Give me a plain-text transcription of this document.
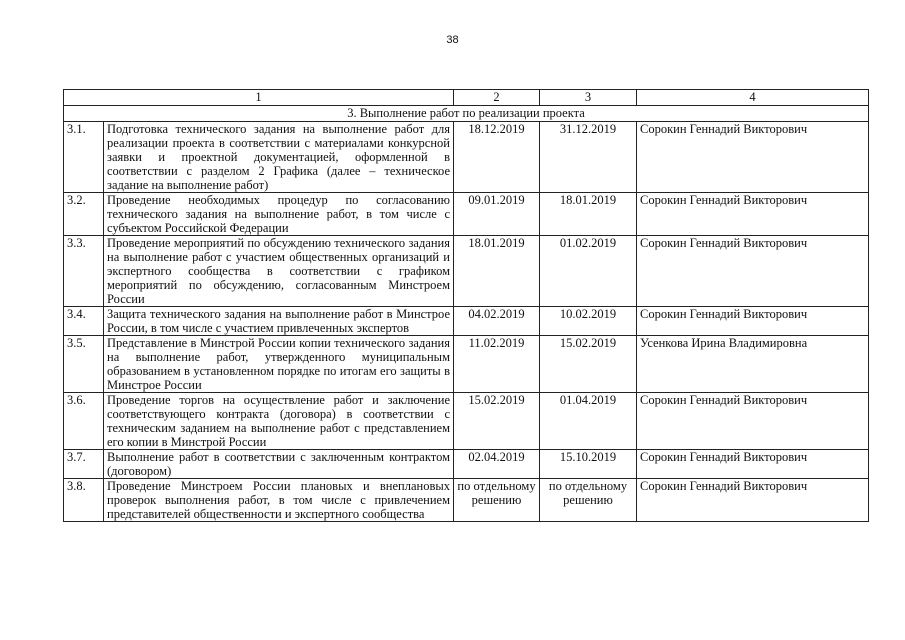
38
1		2	3	4
3. Выполнение работ по реализации проекта				
3.1.	Подготовка технического задания на выполнение работ для реализации проекта в соответствии с материалами конкурсной заявки и проектной документацией, оформленной в соответствии с разделом 2 Графика (далее – техническое задание на выполнение работ)	18.12.2019	31.12.2019	Сорокин Геннадий Викторович
3.2.	Проведение необходимых процедур по согласованию технического задания на выполнение работ, в том числе с субъектом Российской Федерации	09.01.2019	18.01.2019	Сорокин Геннадий Викторович
3.3.	Проведение мероприятий по обсуждению технического задания на выполнение работ с участием общественных организаций и экспертного сообщества в соответствии с графиком мероприятий по обсуждению, согласованным Минстроем России	18.01.2019	01.02.2019	Сорокин Геннадий Викторович
3.4.	Защита технического задания на выполнение работ в Минстрое России, в том числе с участием привлеченных экспертов	04.02.2019	10.02.2019	Сорокин Геннадий Викторович
3.5.	Представление в Минстрой России копии технического задания на выполнение работ, утвержденного муниципальным образованием в установленном порядке по итогам его защиты в Минстрое России	11.02.2019	15.02.2019	Усенкова Ирина Владимировна
3.6.	Проведение торгов на осуществление работ и заключение соответствующего контракта (договора) в соответствии с техническим заданием на выполнение работ с представлением его копии в Минстрой России	15.02.2019	01.04.2019	Сорокин Геннадий Викторович
3.7.	Выполнение работ в соответствии с заключенным контрактом (договором)	02.04.2019	15.10.2019	Сорокин Геннадий Викторович
3.8.	Проведение Минстроем России плановых и внеплановых проверок выполнения работ, в том числе с привлечением представителей общественности и экспертного сообщества	по отдельному решению	по отдельному решению	Сорокин Геннадий Викторович
